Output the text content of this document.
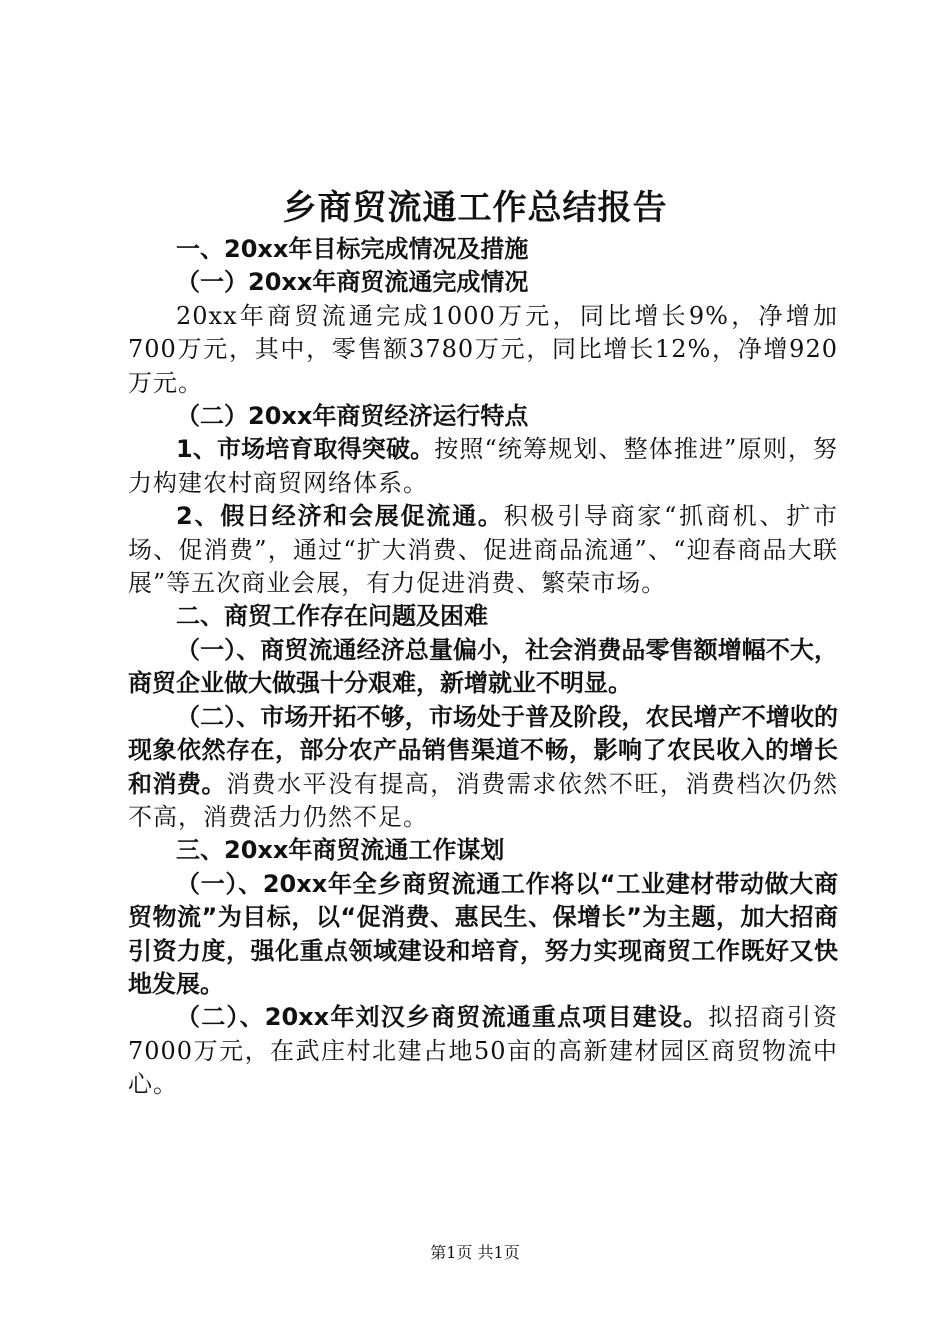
乡商贸流通工作总结报告

一、20xx年目标完成情况及措施

（一）20xx年商贸流通完成情况

20xx年商贸流通完成1000万元，同比增长9%，净增加700万元，其中，零售额3780万元，同比增长12%，净增920万元。

（二）20xx年商贸经济运行特点

1、市场培育取得突破。按照“统筹规划、整体推进”原则，努力构建农村商贸网络体系。

2、假日经济和会展促流通。积极引导商家“抓商机、扩市场、促消费”，通过“扩大消费、促进商品流通”、“迎春商品大联展”等五次商业会展，有力促进消费、繁荣市场。

二、商贸工作存在问题及困难

（一）、商贸流通经济总量偏小，社会消费品零售额增幅不大，商贸企业做大做强十分艰难，新增就业不明显。

（二）、市场开拓不够，市场处于普及阶段，农民增产不增收的现象依然存在，部分农产品销售渠道不畅，影响了农民收入的增长和消费。消费水平没有提高，消费需求依然不旺，消费档次仍然不高，消费活力仍然不足。

三、20xx年商贸流通工作谋划

（一）、20xx年全乡商贸流通工作将以“工业建材带动做大商贸物流”为目标，以“促消费、惠民生、保增长”为主题，加大招商引资力度，强化重点领域建设和培育，努力实现商贸工作既好又快地发展。

（二）、20xx年刘汉乡商贸流通重点项目建设。拟招商引资7000万元，在武庄村北建占地50亩的高新建材园区商贸物流中心。

第1页 共1页
